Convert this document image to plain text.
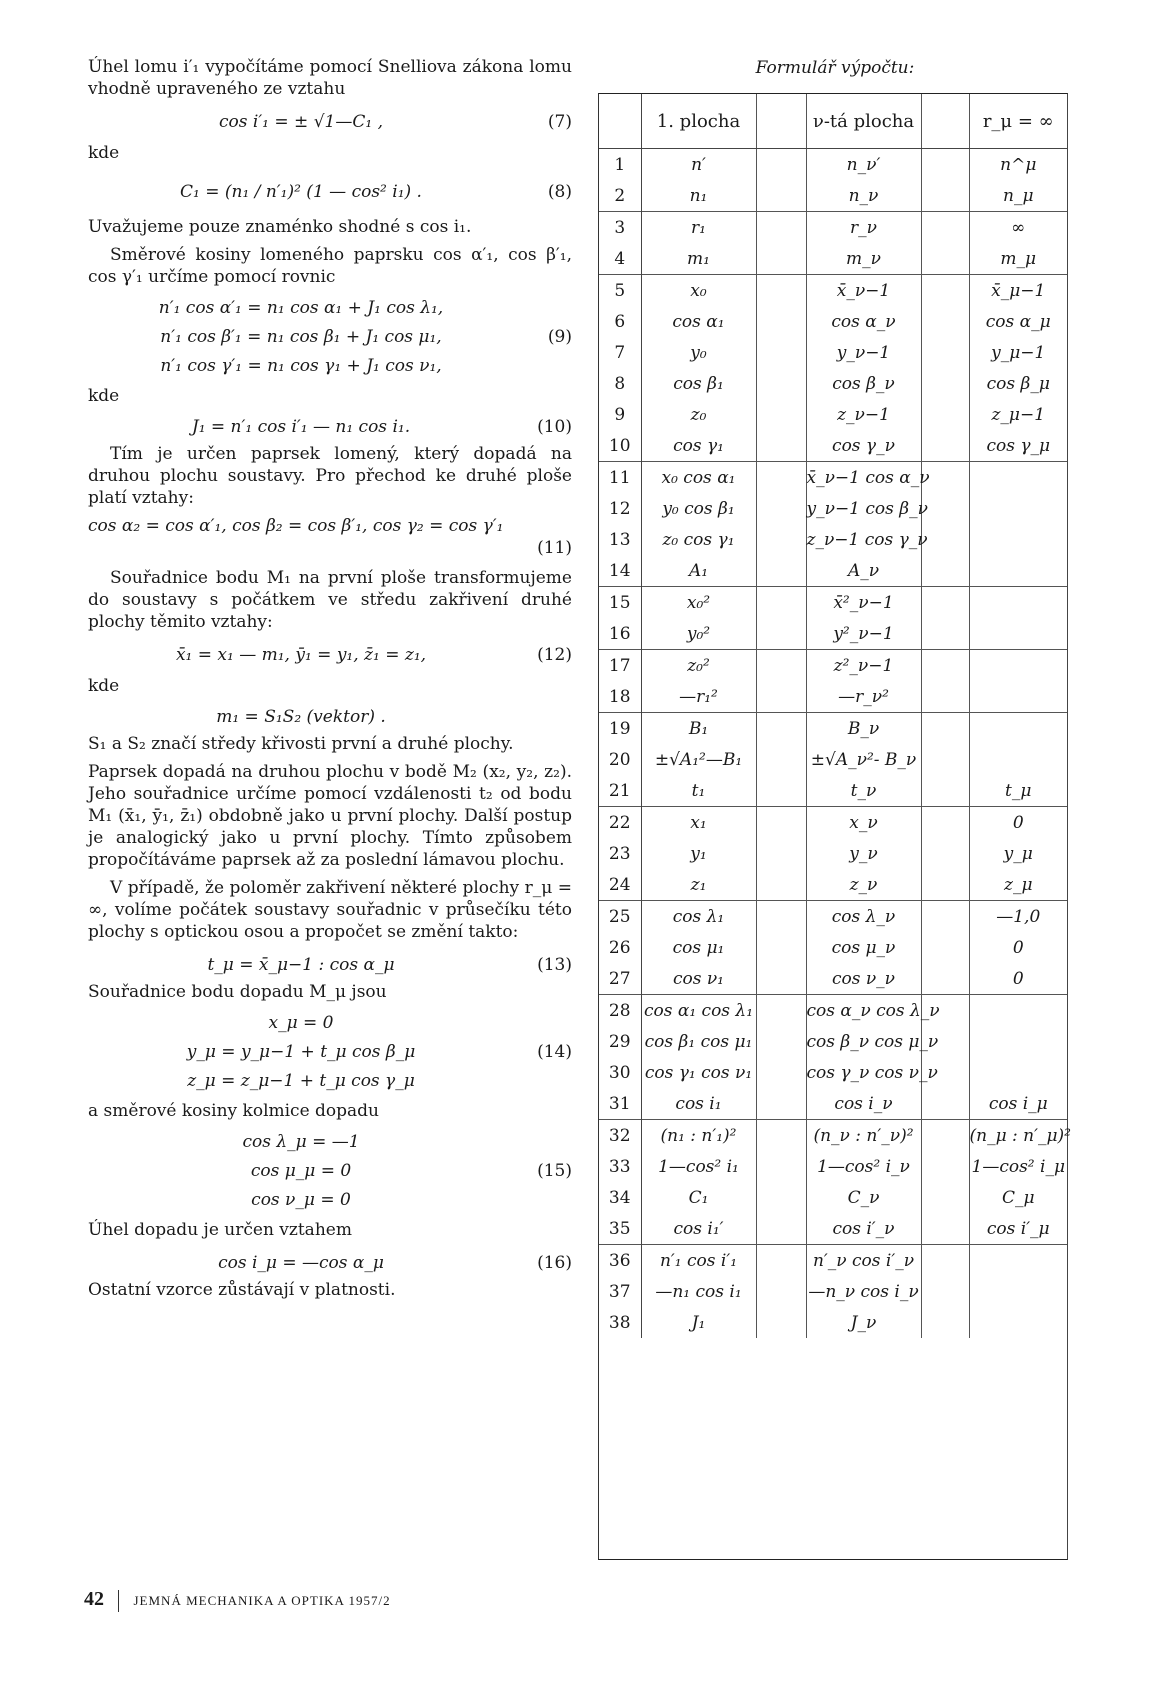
Úhel lomu i′₁ vypočítáme pomocí Snelliova zákona lomu vhodně upraveného ze vztahu

cos i′₁ = ± √1—C₁ ,	(7)
kde
C₁ = (n₁ / n′₁)² (1 — cos² i₁) .	(8)

Uvažujeme pouze znaménko shodné s cos i₁.

Směrové kosiny lomeného paprsku cos α′₁, cos β′₁, cos γ′₁ určíme pomocí rovnic

n′₁ cos α′₁ = n₁ cos α₁ + J₁ cos λ₁,
n′₁ cos β′₁ = n₁ cos β₁ + J₁ cos μ₁,	(9)
n′₁ cos γ′₁ = n₁ cos γ₁ + J₁ cos ν₁,
kde
J₁ = n′₁ cos i′₁ — n₁ cos i₁.	(10)

Tím je určen paprsek lomený, který dopadá na druhou plochu soustavy. Pro přechod ke druhé ploše platí vztahy:

cos α₂ = cos α′₁, cos β₂ = cos β′₁, cos γ₂ = cos γ′₁
(11)

Souřadnice bodu M₁ na první ploše transformujeme do soustavy s počátkem ve středu zakřivení druhé plochy těmito vztahy:

x̄₁ = x₁ — m₁, ȳ₁ = y₁, z̄₁ = z₁,	(12)
kde
m₁ = S₁S₂ (vektor) .

S₁ a S₂ značí středy křivosti první a druhé plochy.

Paprsek dopadá na druhou plochu v bodě M₂ (x₂, y₂, z₂). Jeho souřadnice určíme pomocí vzdálenosti t₂ od bodu M₁ (x̄₁, ȳ₁, z̄₁) obdobně jako u první plochy. Další postup je analogický jako u první plochy. Tímto způsobem propočítáváme paprsek až za poslední lámavou plochu.

V případě, že poloměr zakřivení některé plochy r_μ = ∞, volíme počátek soustavy souřadnic v průsečíku této plochy s optickou osou a propočet se změní takto:

t_μ = x̄_μ−1 : cos α_μ	(13)

Souřadnice bodu dopadu M_μ jsou

x_μ = 0
y_μ = y_μ−1 + t_μ cos β_μ	(14)
z_μ = z_μ−1 + t_μ cos γ_μ

a směrové kosiny kolmice dopadu

cos λ_μ = —1
cos μ_μ = 0	(15)
cos ν_μ = 0

Úhel dopadu je určen vztahem

cos i_μ = —cos α_μ	(16)

Ostatní vzorce zůstávají v platnosti.

Formulář výpočtu:
	1. plocha		ν-tá plocha		r_μ = ∞
1	n′		n_ν′		n^μ
2	n₁		n_ν		n_μ
3	r₁		r_ν		∞
4	m₁		m_ν		m_μ
5	x₀		x̄_ν−1		x̄_μ−1
6	cos α₁		cos α_ν		cos α_μ
7	y₀		y_ν−1		y_μ−1
8	cos β₁		cos β_ν		cos β_μ
9	z₀		z_ν−1		z_μ−1
10	cos γ₁		cos γ_ν		cos γ_μ
11	x₀ cos α₁		x̄_ν−1 cos α_ν		
12	y₀ cos β₁		y_ν−1 cos β_ν		
13	z₀ cos γ₁		z_ν−1 cos γ_ν		
14	A₁		A_ν		
15	x₀²		x̄²_ν−1		
16	y₀²		y²_ν−1		
17	z₀²		z²_ν−1		
18	—r₁²		—r_ν²		
19	B₁		B_ν		
20	±√A₁²—B₁		±√A_ν²- B_ν		
21	t₁		t_ν		t_μ
22	x₁		x_ν		0
23	y₁		y_ν		y_μ
24	z₁		z_ν		z_μ
25	cos λ₁		cos λ_ν		—1,0
26	cos μ₁		cos μ_ν		0
27	cos ν₁		cos ν_ν		0
28	cos α₁ cos λ₁		cos α_ν cos λ_ν		
29	cos β₁ cos μ₁		cos β_ν cos μ_ν		
30	cos γ₁ cos ν₁		cos γ_ν cos ν_ν		
31	cos i₁		cos i_ν		cos i_μ
32	(n₁ : n′₁)²		(n_ν : n′_ν)²		(n_μ : n′_μ)²
33	1—cos² i₁		1—cos² i_ν		1—cos² i_μ
34	C₁		C_ν		C_μ
35	cos i₁′		cos i′_ν		cos i′_μ
36	n′₁ cos i′₁		n′_ν cos i′_ν		
37	—n₁ cos i₁		—n_ν cos i_ν		
38	J₁		J_ν		
42 JEMNÁ MECHANIKA A OPTIKA 1957/2
